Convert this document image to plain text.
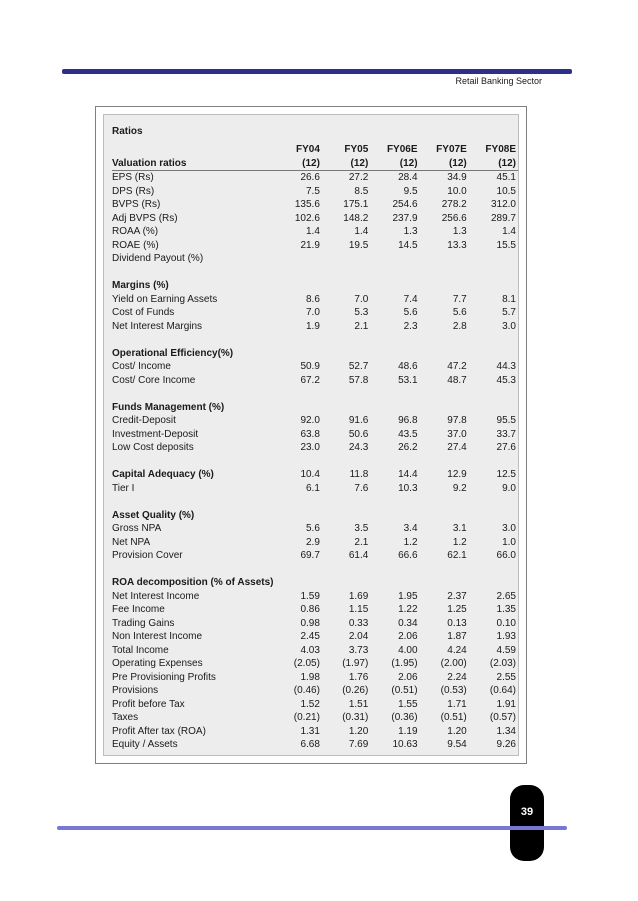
Retail Banking Sector
Ratios
	FY04	FY05	FY06E	FY07E	FY08E
Valuation ratios	(12)	(12)	(12)	(12)	(12)
EPS (Rs)	26.6	27.2	28.4	34.9	45.1
DPS (Rs)	7.5	8.5	9.5	10.0	10.5
BVPS (Rs)	135.6	175.1	254.6	278.2	312.0
Adj BVPS (Rs)	102.6	148.2	237.9	256.6	289.7
ROAA (%)	1.4	1.4	1.3	1.3	1.4
ROAE (%)	21.9	19.5	14.5	13.3	15.5
Dividend Payout (%)					

Margins (%)					
Yield on Earning Assets	8.6	7.0	7.4	7.7	8.1
Cost of Funds	7.0	5.3	5.6	5.6	5.7
Net Interest Margins	1.9	2.1	2.3	2.8	3.0

Operational Efficiency(%)					
Cost/ Income	50.9	52.7	48.6	47.2	44.3
Cost/ Core Income	67.2	57.8	53.1	48.7	45.3

Funds Management (%)					
Credit-Deposit	92.0	91.6	96.8	97.8	95.5
Investment-Deposit	63.8	50.6	43.5	37.0	33.7
Low Cost deposits	23.0	24.3	26.2	27.4	27.6

Capital Adequacy (%)	10.4	11.8	14.4	12.9	12.5
Tier I	6.1	7.6	10.3	9.2	9.0

Asset Quality (%)					
Gross NPA	5.6	3.5	3.4	3.1	3.0
Net NPA	2.9	2.1	1.2	1.2	1.0
Provision Cover	69.7	61.4	66.6	62.1	66.0

ROA decomposition (% of Assets)					
Net Interest Income	1.59	1.69	1.95	2.37	2.65
Fee Income	0.86	1.15	1.22	1.25	1.35
Trading Gains	0.98	0.33	0.34	0.13	0.10
Non Interest Income	2.45	2.04	2.06	1.87	1.93
Total Income	4.03	3.73	4.00	4.24	4.59
Operating Expenses	(2.05)	(1.97)	(1.95)	(2.00)	(2.03)
Pre Provisioning Profits	1.98	1.76	2.06	2.24	2.55
Provisions	(0.46)	(0.26)	(0.51)	(0.53)	(0.64)
Profit before Tax	1.52	1.51	1.55	1.71	1.91
Taxes	(0.21)	(0.31)	(0.36)	(0.51)	(0.57)
Profit After tax (ROA)	1.31	1.20	1.19	1.20	1.34
Equity / Assets	6.68	7.69	10.63	9.54	9.26
39
